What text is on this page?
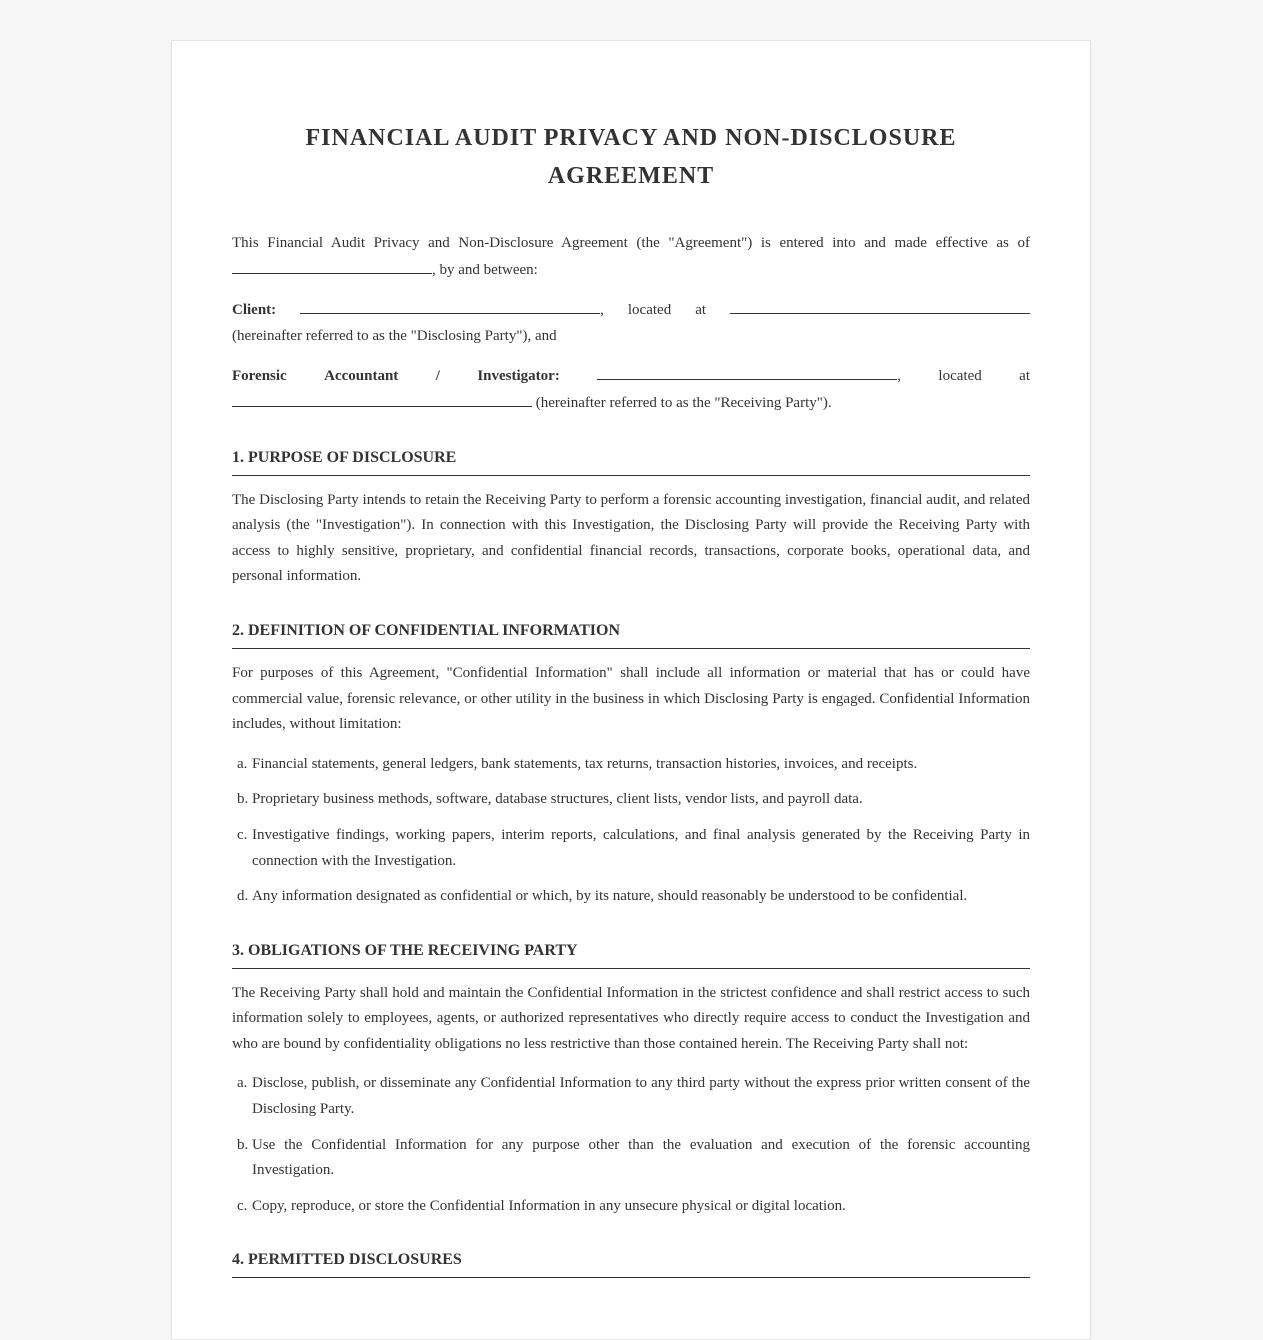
FINANCIAL AUDIT PRIVACY AND NON-DISCLOSURE AGREEMENT

This Financial Audit Privacy and Non-Disclosure Agreement (the "Agreement") is entered into and made effective as of , by and between:

Client:	, located at

(hereinafter referred to as the "Disclosing Party"), and

Forensic Accountant / Investigator:	, located at

(hereinafter referred to as the "Receiving Party").

1. PURPOSE OF DISCLOSURE

The Disclosing Party intends to retain the Receiving Party to perform a forensic accounting investigation, financial audit, and related analysis (the "Investigation"). In connection with this Investigation, the Disclosing Party will provide the Receiving Party with access to highly sensitive, proprietary, and confidential financial records, transactions, corporate books, operational data, and personal information.

2. DEFINITION OF CONFIDENTIAL INFORMATION

For purposes of this Agreement, "Confidential Information" shall include all information or material that has or could have commercial value, forensic relevance, or other utility in the business in which Disclosing Party is engaged. Confidential Information includes, without limitation:

a. Financial statements, general ledgers, bank statements, tax returns, transaction histories, invoices, and receipts.
b. Proprietary business methods, software, database structures, client lists, vendor lists, and payroll data.
c. Investigative findings, working papers, interim reports, calculations, and final analysis generated by the Receiving Party in connection with the Investigation.
d. Any information designated as confidential or which, by its nature, should reasonably be understood to be confidential.
3. OBLIGATIONS OF THE RECEIVING PARTY

The Receiving Party shall hold and maintain the Confidential Information in the strictest confidence and shall restrict access to such information solely to employees, agents, or authorized representatives who directly require access to conduct the Investigation and who are bound by confidentiality obligations no less restrictive than those contained herein. The Receiving Party shall not:

a. Disclose, publish, or disseminate any Confidential Information to any third party without the express prior written consent of the Disclosing Party.
b. Use the Confidential Information for any purpose other than the evaluation and execution of the forensic accounting Investigation.
c. Copy, reproduce, or store the Confidential Information in any unsecure physical or digital location.
4. PERMITTED DISCLOSURES
